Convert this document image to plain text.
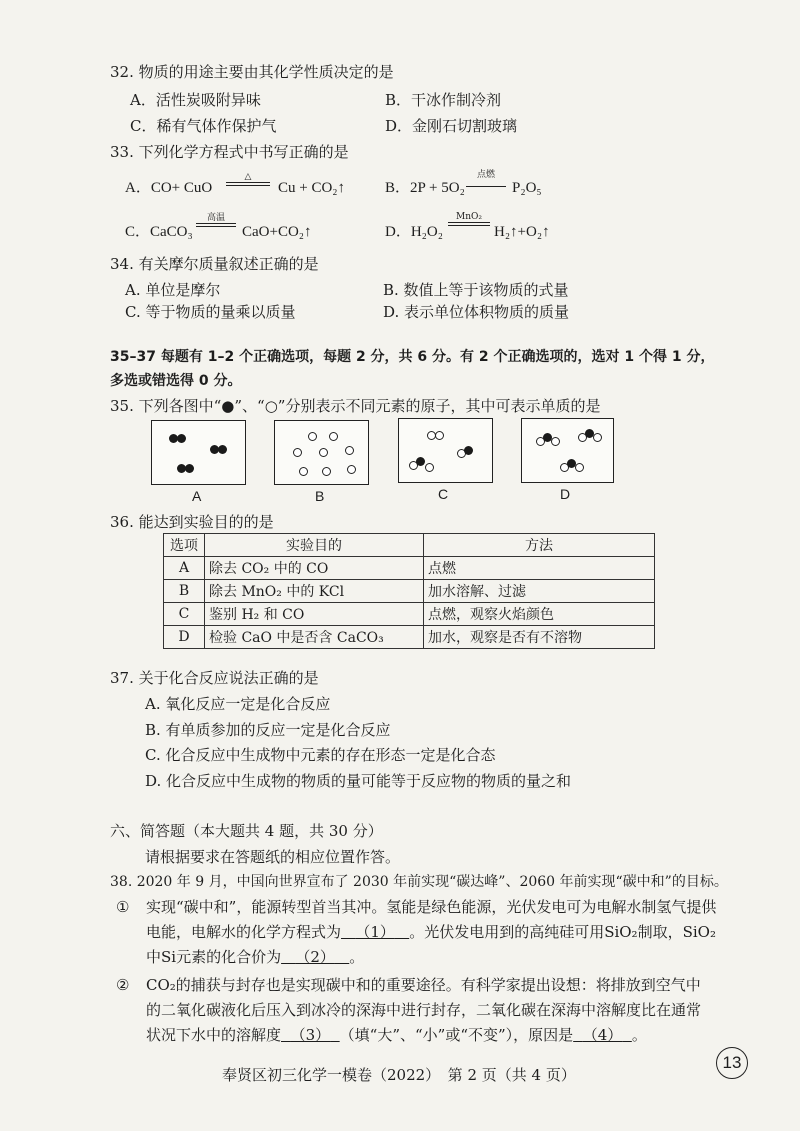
32. 物质的用途主要由其化学性质决定的是
A．活性炭吸附异味	B．干冰作制冷剂
C．稀有气体作保护气	D．金刚石切割玻璃
33. 下列化学方程式中书写正确的是
A．CO+ CuO
△
Cu + CO₂↑	B．2P + 5O₂
点燃
P₂O₅
C．CaCO₃
高温
CaO+CO₂↑	D．H₂O₂
MnO₂
H₂↑+O₂↑
34. 有关摩尔质量叙述正确的是
A. 单位是摩尔	B. 数值上等于该物质的式量
C. 等于物质的量乘以质量	D. 表示单位体积物质的质量
35–37 每题有 1–2 个正确选项，每题 2 分，共 6 分。有 2 个正确选项的，选对 1 个得 1 分，
多选或错选得 0 分。
35. 下列各图中“●”、“○”分别表示不同元素的原子，其中可表示单质的是
A	B	C	D
36. 能达到实验目的的是
选项	实验目的	方法
A	除去 CO₂ 中的 CO	点燃
B	除去 MnO₂ 中的 KCl	加水溶解、过滤
C	鉴别 H₂ 和 CO	点燃，观察火焰颜色
D	检验 CaO 中是否含 CaCO₃	加水，观察是否有不溶物
37. 关于化合反应说法正确的是
A. 氧化反应一定是化合反应
B. 有单质参加的反应一定是化合反应
C. 化合反应中生成物中元素的存在形态一定是化合态
D. 化合反应中生成物的物质的量可能等于反应物的物质的量之和
六、简答题（本大题共 4 题，共 30 分）
请根据要求在答题纸的相应位置作答。
38. 2020 年 9 月，中国向世界宣布了 2030 年前实现“碳达峰”、2060 年前实现“碳中和”的目标。
① 实现“碳中和”，能源转型首当其冲。氢能是绿色能源，光伏发电可为电解水制氢气提供
电能，电解水的化学方程式为 （1） 。光伏发电用到的高纯硅可用SiO₂制取，SiO₂
中Si元素的化合价为 （2） 。
② CO₂的捕获与封存也是实现碳中和的重要途径。有科学家提出设想：将排放到空气中
的二氧化碳液化后压入到冰冷的深海中进行封存，二氧化碳在深海中溶解度比在通常
状况下水中的溶解度 （3） （填“大”、“小”或“不变”），原因是 （4） 。
奉贤区初三化学一模卷（2022）　第 2 页（共 4 页）
13
